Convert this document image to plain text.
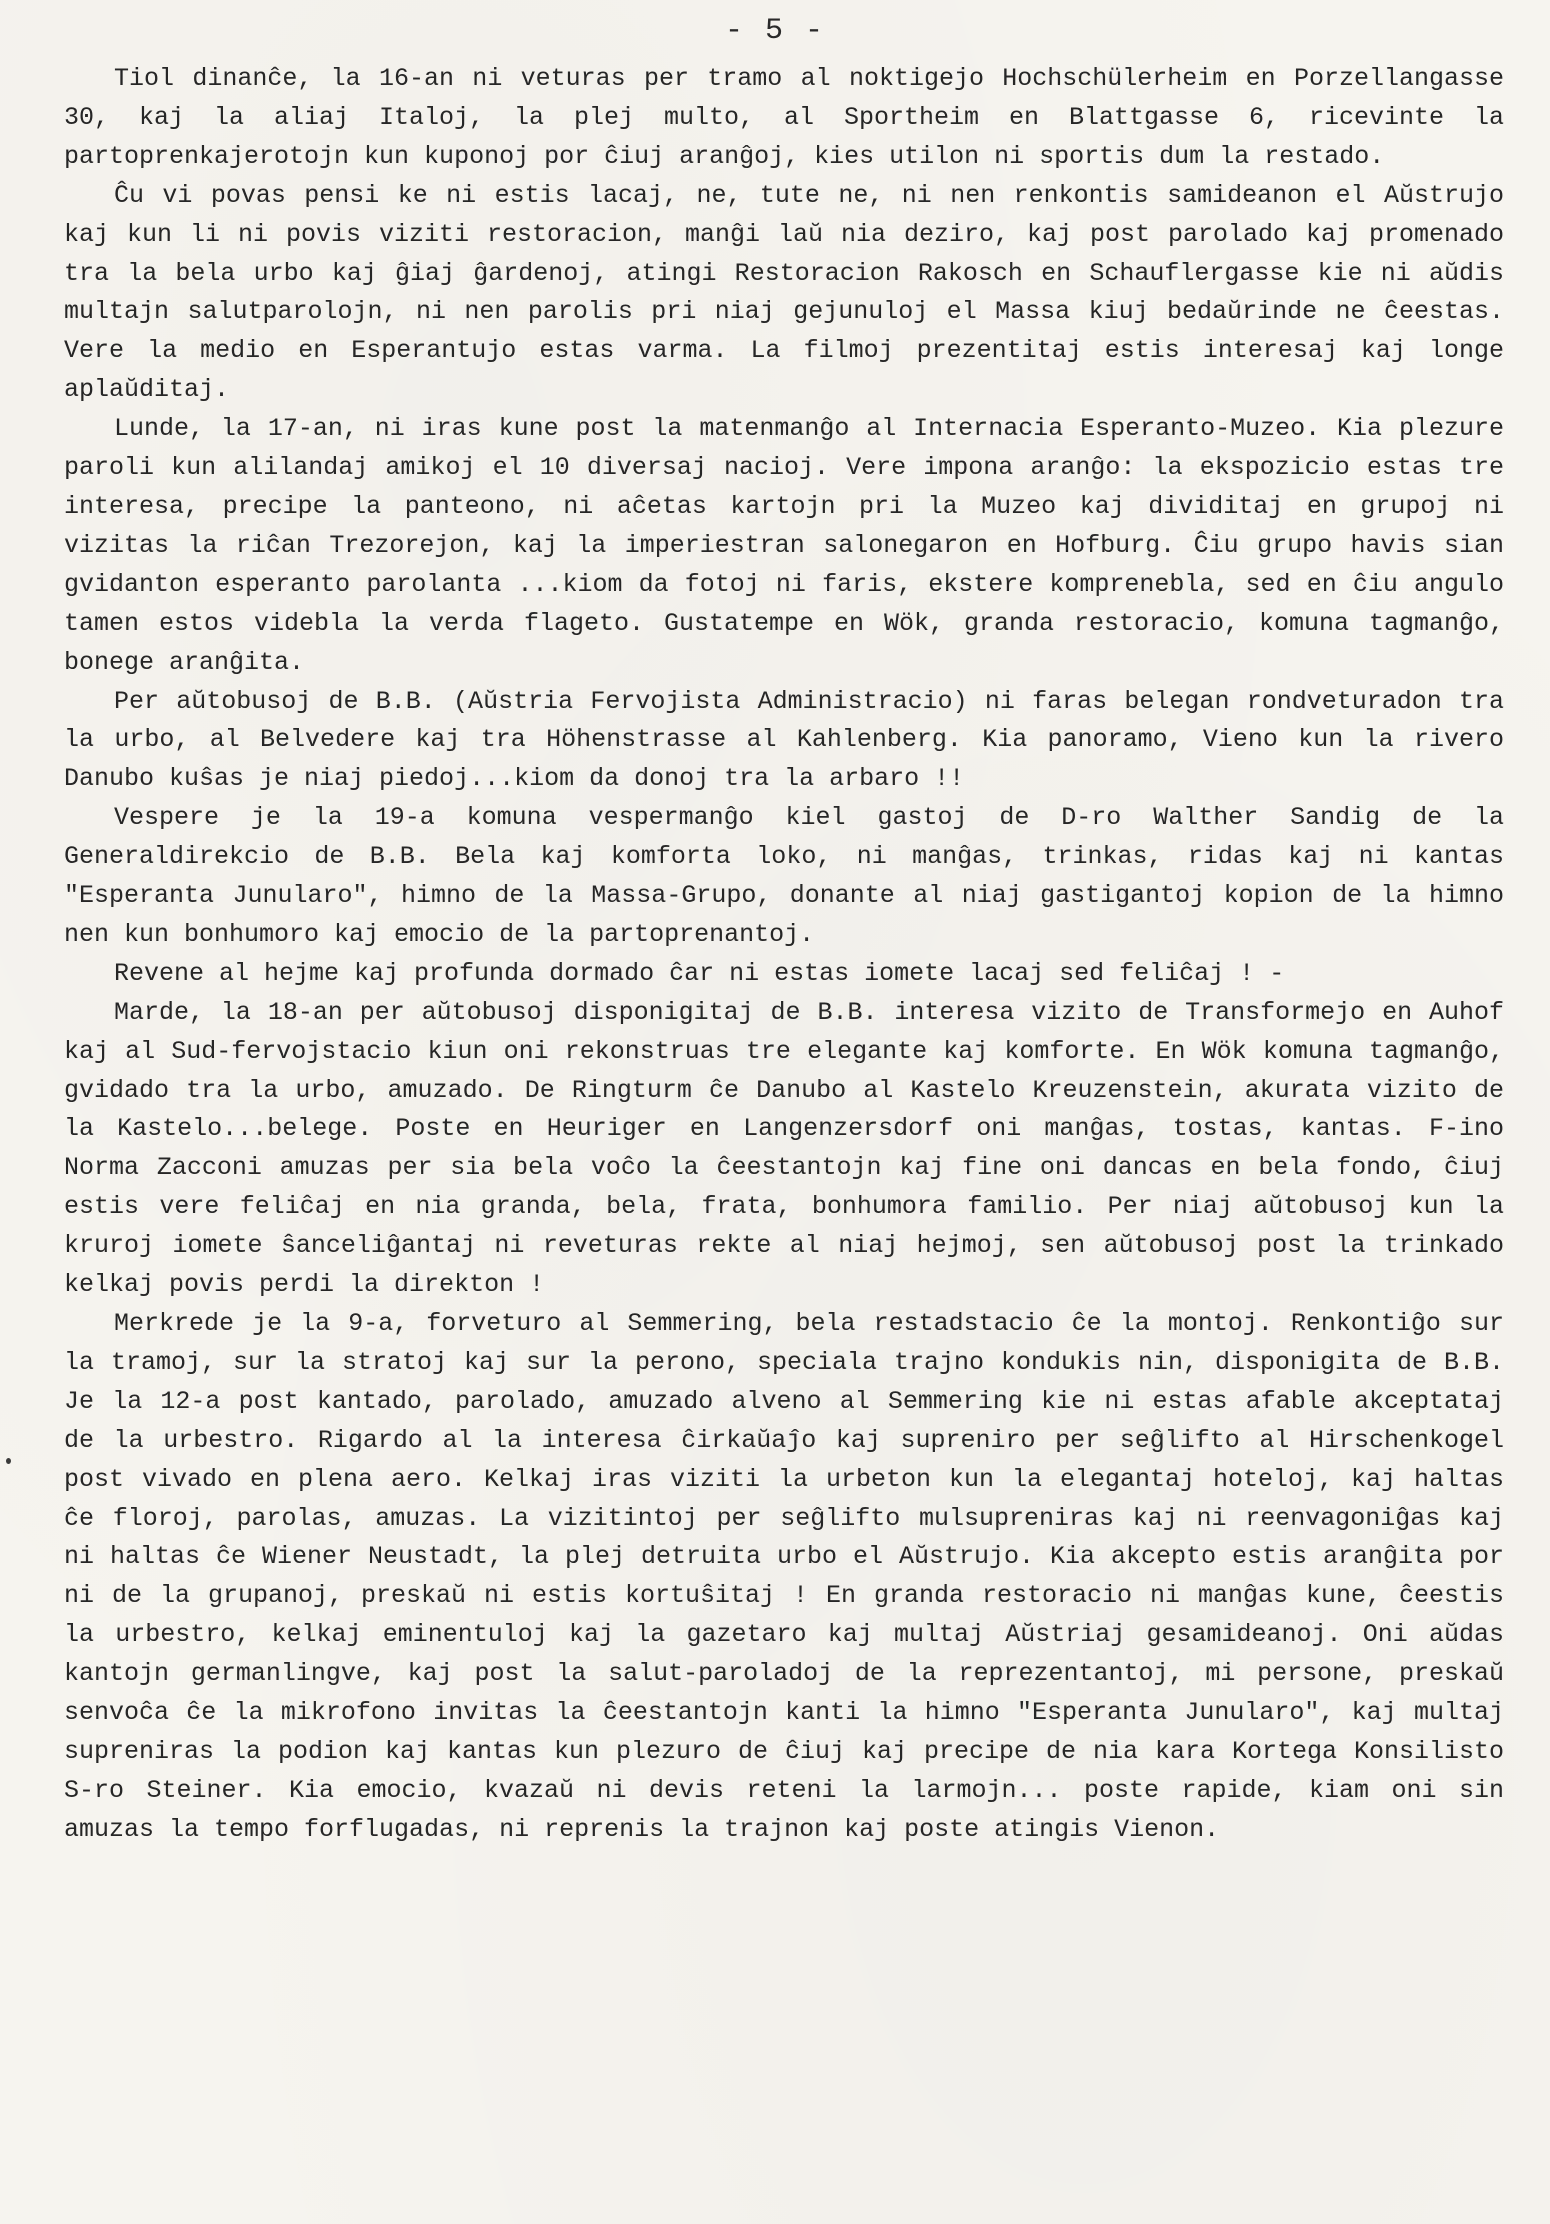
- 5 -

Tiol dinanĉe, la 16-an ni veturas per tramo al noktigejo Hochschülerheim en Porzellangasse 30, kaj la aliaj Italoj, la plej multo, al Sportheim en Blattgasse 6, ricevinte la partoprenkajerotojn kun kuponoj por ĉiuj aranĝoj, kies utilon ni sportis dum la restado.

Ĉu vi povas pensi ke ni estis lacaj, ne, tute ne, ni nen renkontis samideanon el Aŭstrujo kaj kun li ni povis viziti restoracion, manĝi laŭ nia deziro, kaj post parolado kaj promenado tra la bela urbo kaj ĝiaj ĝardenoj, atingi Restoracion Rakosch en Schauflergasse kie ni aŭdis multajn salutparolojn, ni nen parolis pri niaj gejunuloj el Massa kiuj bedaŭrinde ne ĉeestas. Vere la medio en Esperantujo estas varma. La filmoj prezentitaj estis interesaj kaj longe aplaŭditaj.

Lunde, la 17-an, ni iras kune post la matenmanĝo al Internacia Esperanto-Muzeo. Kia plezure paroli kun alilandaj amikoj el 10 diversaj nacioj. Vere impona aranĝo: la ekspozicio estas tre interesa, precipe la panteono, ni aĉetas kartojn pri la Muzeo kaj dividitaj en grupoj ni vizitas la riĉan Trezorejon, kaj la imperiestran salonegaron en Hofburg. Ĉiu grupo havis sian gvidanton esperanto parolanta ...kiom da fotoj ni faris, ekstere komprenebla, sed en ĉiu angulo tamen estos videbla la verda flageto. Gustatempe en Wök, granda restoracio, komuna tagmanĝo, bonege aranĝita.

Per aŭtobusoj de B.B. (Aŭstria Fervojista Administracio) ni faras belegan rondveturadon tra la urbo, al Belvedere kaj tra Höhenstrasse al Kahlenberg. Kia panoramo, Vieno kun la rivero Danubo kuŝas je niaj piedoj...kiom da donoj tra la arbaro !!

Vespere je la 19-a komuna vespermanĝo kiel gastoj de D-ro Walther Sandig de la Generaldirekcio de B.B. Bela kaj komforta loko, ni manĝas, trinkas, ridas kaj ni kantas "Esperanta Junularo", himno de la Massa-Grupo, donante al niaj gastigantoj kopion de la himno nen kun bonhumoro kaj emocio de la partoprenantoj.

Revene al hejme kaj profunda dormado ĉar ni estas iomete lacaj sed feliĉaj ! -

Marde, la 18-an per aŭtobusoj disponigitaj de B.B. interesa vizito de Transformejo en Auhof kaj al Sud-fervojstacio kiun oni rekonstruas tre elegante kaj komforte. En Wök komuna tagmanĝo, gvidado tra la urbo, amuzado. De Ringturm ĉe Danubo al Kastelo Kreuzenstein, akurata vizito de la Kastelo...belege. Poste en Heuriger en Langenzersdorf oni manĝas, tostas, kantas. F-ino Norma Zacconi amuzas per sia bela voĉo la ĉeestantojn kaj fine oni dancas en bela fondo, ĉiuj estis vere feliĉaj en nia granda, bela, frata, bonhumora familio. Per niaj aŭtobusoj kun la kruroj iomete ŝanceliĝantaj ni reveturas rekte al niaj hejmoj, sen aŭtobusoj post la trinkado kelkaj povis perdi la direkton !

Merkrede je la 9-a, forveturo al Semmering, bela restadstacio ĉe la montoj. Renkontiĝo sur la tramoj, sur la stratoj kaj sur la perono, speciala trajno kondukis nin, disponigita de B.B. Je la 12-a post kantado, parolado, amuzado alveno al Semmering kie ni estas afable akceptataj de la urbestro. Rigardo al la interesa ĉirkaŭaĵo kaj supreniro per seĝlifto al Hirschenkogel post vivado en plena aero. Kelkaj iras viziti la urbeton kun la elegantaj hoteloj, kaj haltas ĉe floroj, parolas, amuzas. La vizitintoj per seĝlifto mulsupreniras kaj ni reenvagoniĝas kaj ni haltas ĉe Wiener Neustadt, la plej detruita urbo el Aŭstrujo. Kia akcepto estis aranĝita por ni de la grupanoj, preskaŭ ni estis kortuŝitaj ! En granda restoracio ni manĝas kune, ĉeestis la urbestro, kelkaj eminentuloj kaj la gazetaro kaj multaj Aŭstriaj gesamideanoj. Oni aŭdas kantojn germanlingve, kaj post la salut-paroladoj de la reprezentantoj, mi persone, preskaŭ senvoĉa ĉe la mikrofono invitas la ĉeestantojn kanti la himno "Esperanta Junularo", kaj multaj supreniras la podion kaj kantas kun plezuro de ĉiuj kaj precipe de nia kara Kortega Konsilisto S-ro Steiner. Kia emocio, kvazaŭ ni devis reteni la larmojn... poste rapide, kiam oni sin amuzas la tempo forflugadas, ni reprenis la trajnon kaj poste atingis Vienon.
